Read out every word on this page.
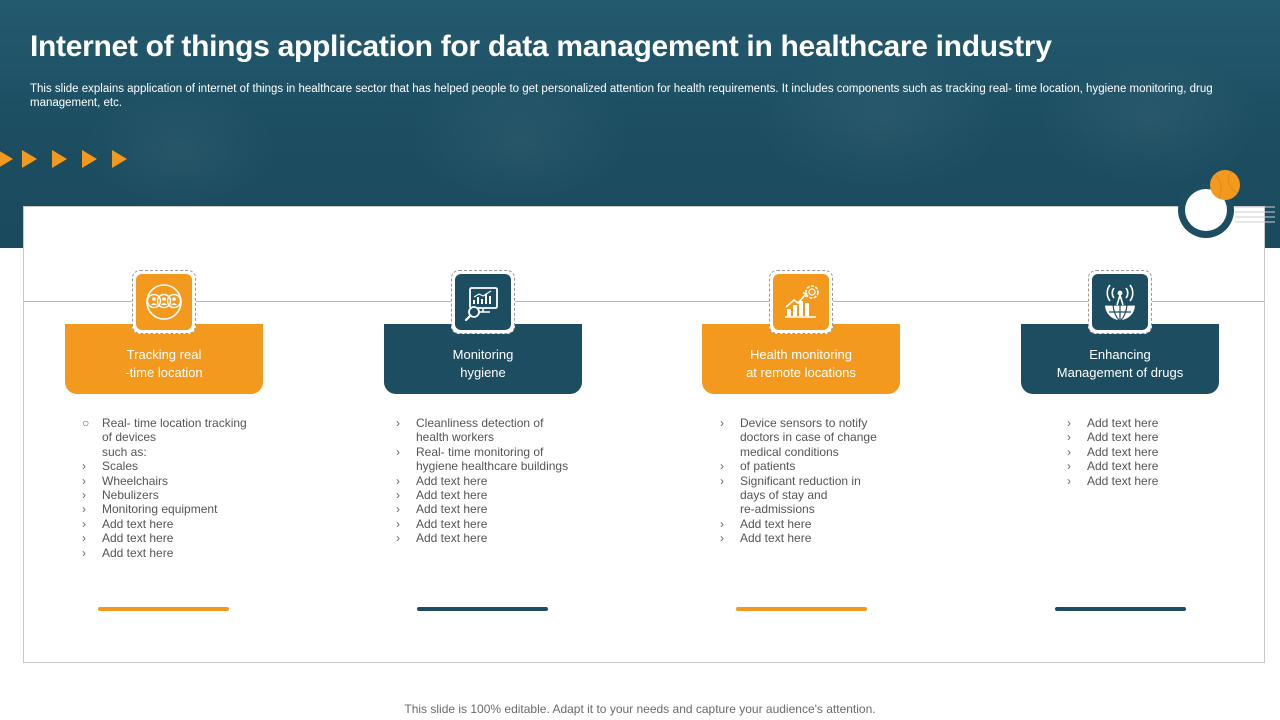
Internet of things application for data management in healthcare industry

This slide explains application of internet of things in healthcare sector that has helped people to get personalized attention for health requirements. It includes components such as tracking real- time location, hygiene monitoring, drug management, etc.

Tracking real
-time location
○ Real- time location tracking
of devices
such as:
› Scales
› Wheelchairs
› Nebulizers
› Monitoring equipment
› Add text here
› Add text here
› Add text here
Monitoring
hygiene
› Cleanliness detection of
health workers
› Real- time monitoring of
hygiene healthcare buildings
› Add text here
› Add text here
› Add text here
› Add text here
› Add text here
Health monitoring
at remote locations
› Device sensors to notify
doctors in case of change
medical conditions
› of patients
› Significant reduction in
days of stay and
re-admissions
› Add text here
› Add text here
Enhancing
Management of drugs
› Add text here
› Add text here
› Add text here
› Add text here
› Add text here
This slide is 100% editable. Adapt it to your needs and capture your audience's attention.
